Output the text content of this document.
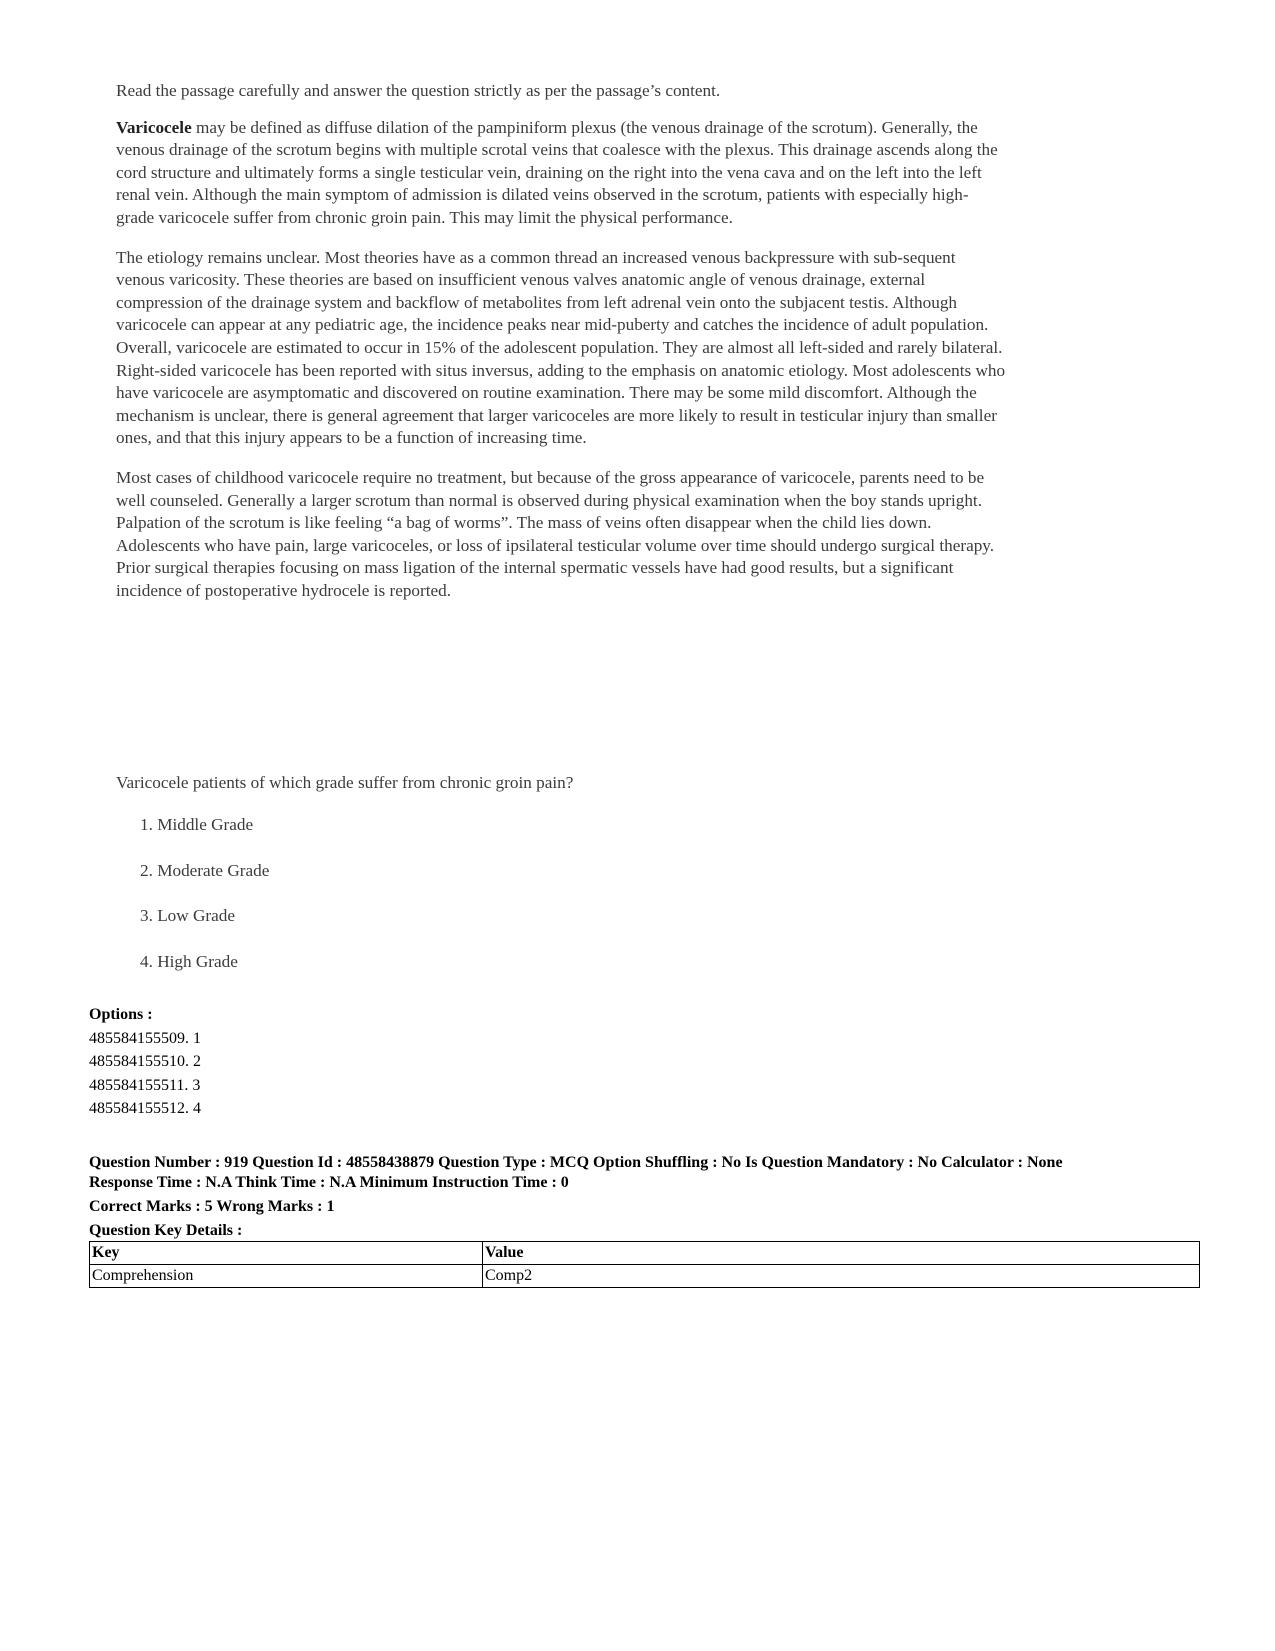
Read the passage carefully and answer the question strictly as per the passage’s content.

Varicocele may be defined as diffuse dilation of the pampiniform plexus (the venous drainage of the scrotum). Generally, the venous drainage of the scrotum begins with multiple scrotal veins that coalesce with the plexus. This drainage ascends along the cord structure and ultimately forms a single testicular vein, draining on the right into the vena cava and on the left into the left renal vein. Although the main symptom of admission is dilated veins observed in the scrotum, patients with especially high-grade varicocele suffer from chronic groin pain. This may limit the physical performance.

The etiology remains unclear. Most theories have as a common thread an increased venous backpressure with sub-sequent venous varicosity. These theories are based on insufficient venous valves anatomic angle of venous drainage, external compression of the drainage system and backflow of metabolites from left adrenal vein onto the subjacent testis. Although varicocele can appear at any pediatric age, the incidence peaks near mid-puberty and catches the incidence of adult population. Overall, varicocele are estimated to occur in 15% of the adolescent population. They are almost all left-sided and rarely bilateral. Right-sided varicocele has been reported with situs inversus, adding to the emphasis on anatomic etiology. Most adolescents who have varicocele are asymptomatic and discovered on routine examination. There may be some mild discomfort. Although the mechanism is unclear, there is general agreement that larger varicoceles are more likely to result in testicular injury than smaller ones, and that this injury appears to be a function of increasing time.

Most cases of childhood varicocele require no treatment, but because of the gross appearance of varicocele, parents need to be well counseled. Generally a larger scrotum than normal is observed during physical examination when the boy stands upright. Palpation of the scrotum is like feeling “a bag of worms”. The mass of veins often disappear when the child lies down. Adolescents who have pain, large varicoceles, or loss of ipsilateral testicular volume over time should undergo surgical therapy. Prior surgical therapies focusing on mass ligation of the internal spermatic vessels have had good results, but a significant incidence of postoperative hydrocele is reported.

Varicocele patients of which grade suffer from chronic groin pain?

1. Middle Grade
2. Moderate Grade
3. Low Grade
4. High Grade
Options :
485584155509. 1
485584155510. 2
485584155511. 3
485584155512. 4

Question Number : 919 Question Id : 48558438879 Question Type : MCQ Option Shuffling : No Is Question Mandatory : No Calculator : None

Response Time : N.A Think Time : N.A Minimum Instruction Time : 0

Correct Marks : 5 Wrong Marks : 1

Question Key Details :

Key	Value
Comprehension	Comp2
